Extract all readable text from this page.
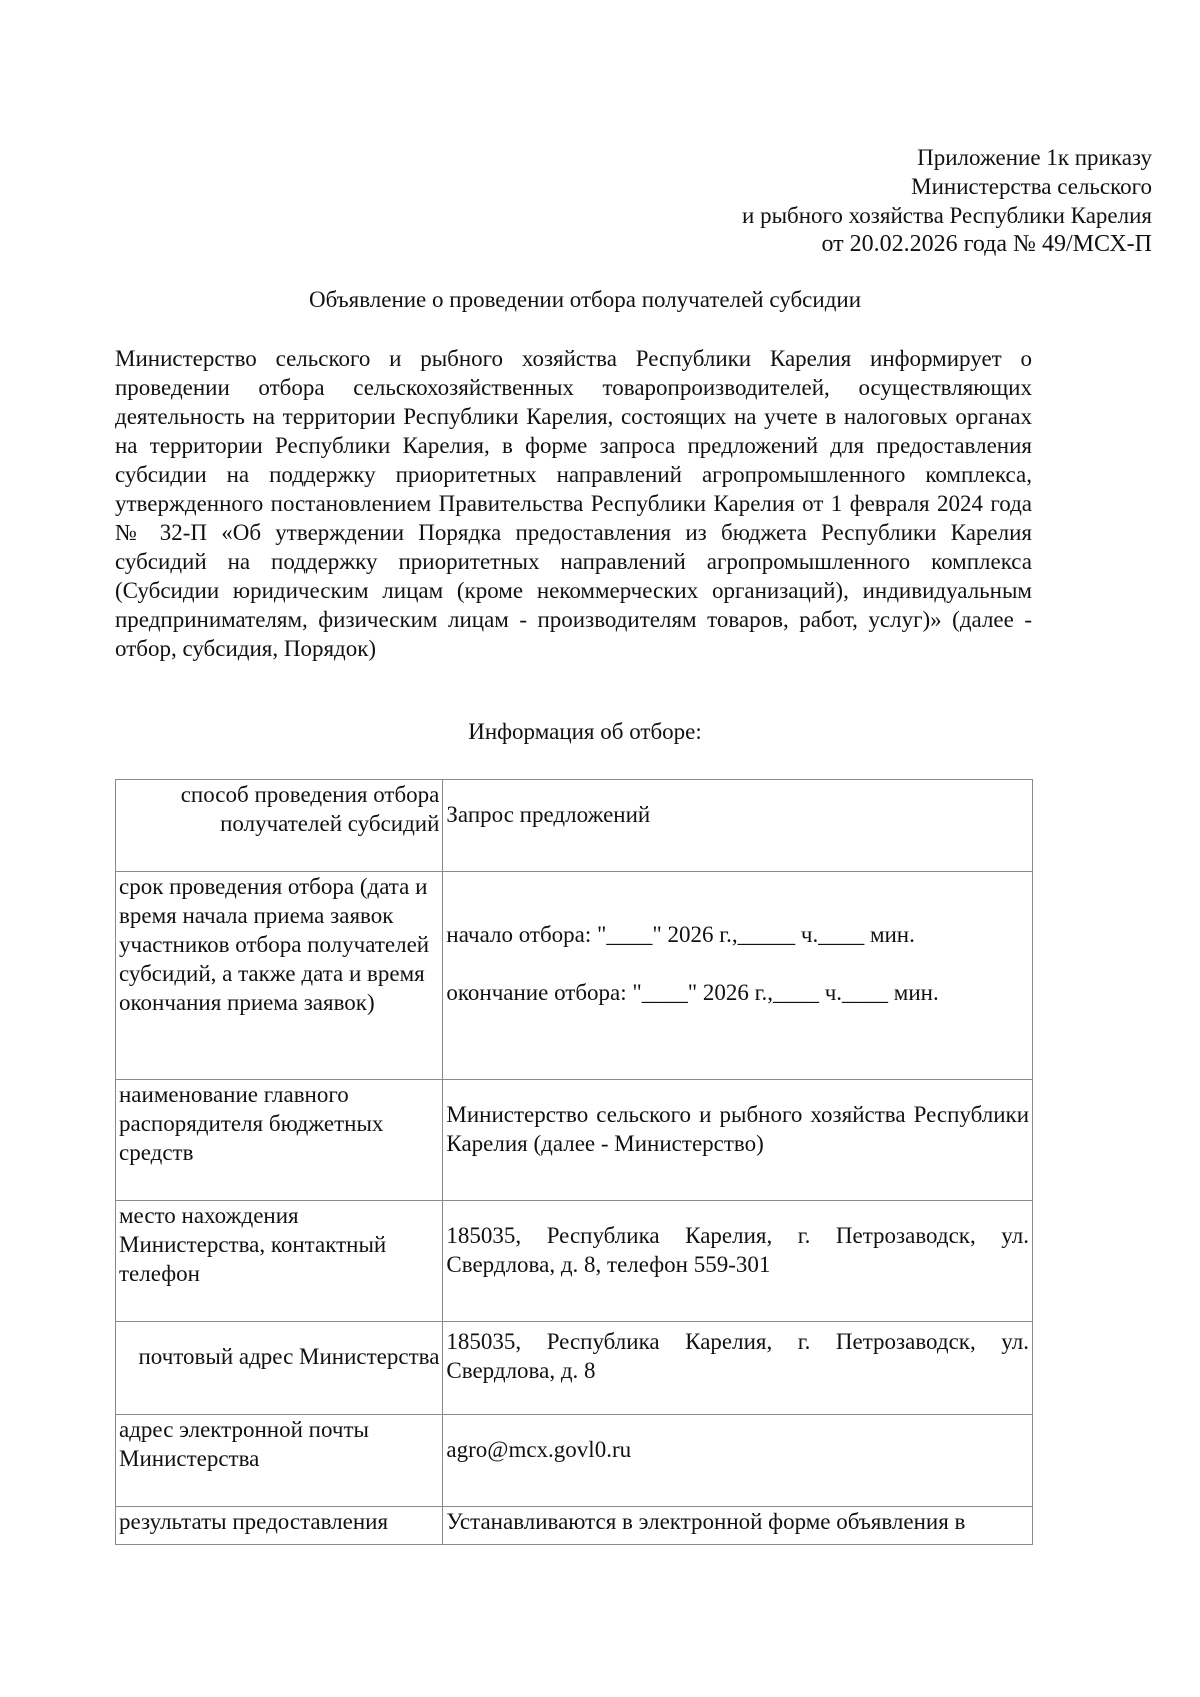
Приложение 1к приказу
Министерства сельского
и рыбного хозяйства Республики Карелия
от 20.02.2026 года № 49/МСХ-П
Объявление о проведении отбора получателей субсидии

Министерство сельского и рыбного хозяйства Республики Карелия информирует о проведении отбора сельскохозяйственных товаропроизводителей, осуществляющих деятельность на территории Республики Карелия, состоящих на учете в налоговых органах на территории Республики Карелия, в форме запроса предложений для предоставления субсидии на поддержку приоритетных направлений агропромышленного комплекса, утвержденного постановлением Правительства Республики Карелия от 1 февраля 2024 года № 32-П «Об утверждении Порядка предоставления из бюджета Республики Карелия субсидий на поддержку приоритетных направлений агропромышленного комплекса (Субсидии юридическим лицам (кроме некоммерческих организаций), индивидуальным предпринимателям, физическим лицам - производителям товаров, работ, услуг)» (далее - отбор, субсидия, Порядок)

Информация об отборе:
способ проведения отбора получателей субсидий	Запрос предложений
срок проведения отбора (дата и время начала приема заявок участников отбора получателей субсидий, а также дата и время окончания приема заявок)	начало отбора: "____" 2026 г.,_____ ч.____ мин.
окончание отбора: "____" 2026 г.,____ ч.____ мин.

наименование главного распорядителя бюджетных средств	Министерство сельского и рыбного хозяйства Республики Карелия (далее - Министерство)
место нахождения Министерства, контактный телефон	185035, Республика Карелия, г. Петрозаводск, ул. Свердлова, д. 8, телефон 559-301
почтовый адрес Министерства	185035, Республика Карелия, г. Петрозаводск, ул. Свердлова, д. 8
адрес электронной почты Министерства	agro@mcx.govl0.ru
результаты предоставления	Устанавливаются в электронной форме объявления в
